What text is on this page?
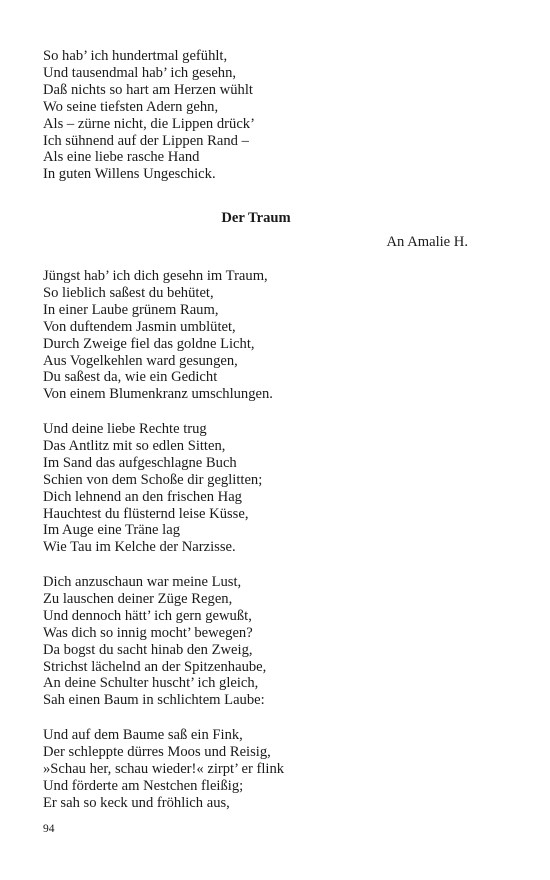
So hab’ ich hundertmal gefühlt,
Und tausendmal hab’ ich gesehn,
Daß nichts so hart am Herzen wühlt
Wo seine tiefsten Adern gehn,
Als – zürne nicht, die Lippen drück’
Ich sühnend auf der Lippen Rand –
Als eine liebe rasche Hand
In guten Willens Ungeschick.
Der Traum
An Amalie H.
Jüngst hab’ ich dich gesehn im Traum,
So lieblich saßest du behütet,
In einer Laube grünem Raum,
Von duftendem Jasmin umblütet,
Durch Zweige fiel das goldne Licht,
Aus Vogelkehlen ward gesungen,
Du saßest da, wie ein Gedicht
Von einem Blumenkranz umschlungen.
Und deine liebe Rechte trug
Das Antlitz mit so edlen Sitten,
Im Sand das aufgeschlagne Buch
Schien von dem Schoße dir geglitten;
Dich lehnend an den frischen Hag
Hauchtest du flüsternd leise Küsse,
Im Auge eine Träne lag
Wie Tau im Kelche der Narzisse.
Dich anzuschaun war meine Lust,
Zu lauschen deiner Züge Regen,
Und dennoch hätt’ ich gern gewußt,
Was dich so innig mocht’ bewegen?
Da bogst du sacht hinab den Zweig,
Strichst lächelnd an der Spitzenhaube,
An deine Schulter huscht’ ich gleich,
Sah einen Baum in schlichtem Laube:
Und auf dem Baume saß ein Fink,
Der schleppte dürres Moos und Reisig,
»Schau her, schau wieder!« zirpt’ er flink
Und förderte am Nestchen fleißig;
Er sah so keck und fröhlich aus,
94
